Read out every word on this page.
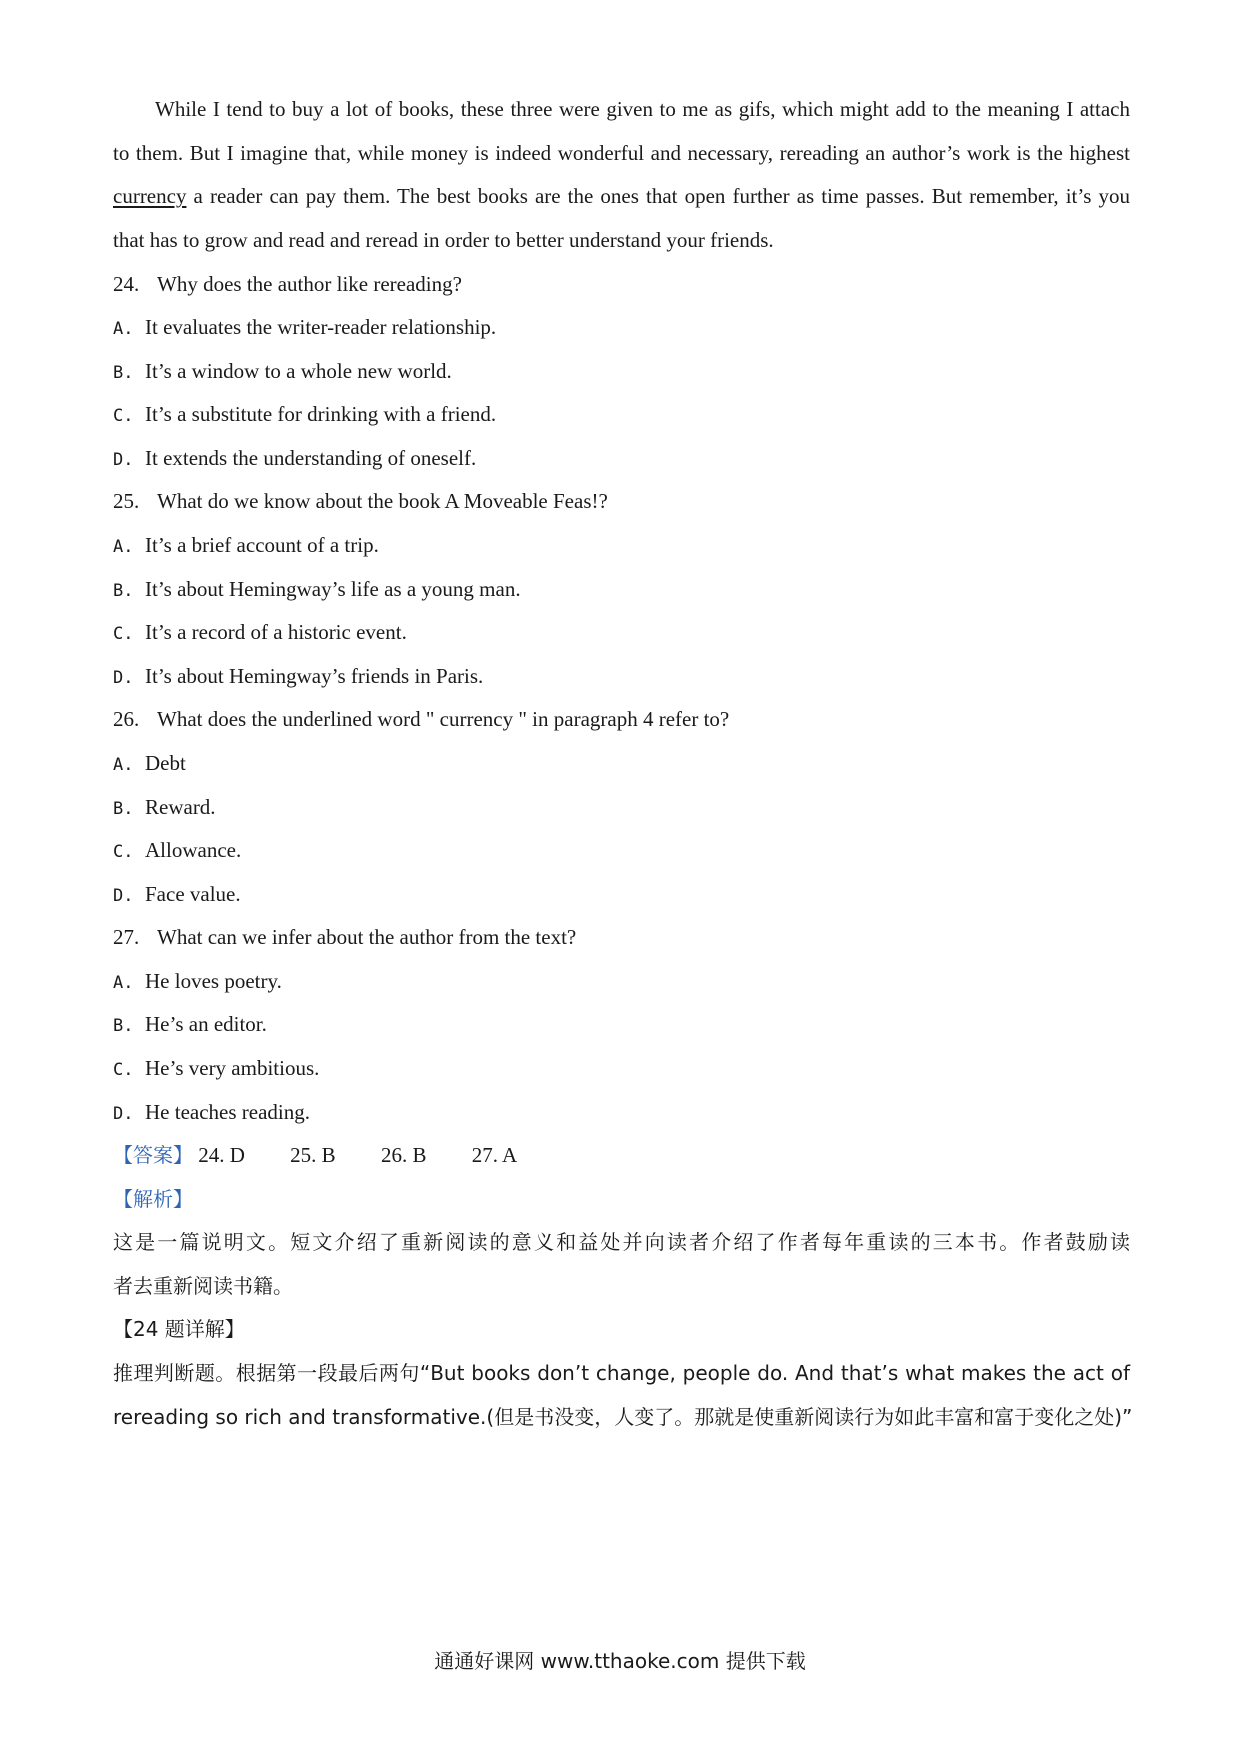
While I tend to buy a lot of books, these three were given to me as gifs, which might add to the meaning I attach
to them. But I imagine that, while money is indeed wonderful and necessary, rereading an author’s work is the highest
currency a reader can pay them. The best books are the ones that open further as time passes. But remember, it’s you
that has to grow and read and reread in order to better understand your friends.
24. Why does the author like rereading?
A. It evaluates the writer-reader relationship.
B. It’s a window to a whole new world.
C. It’s a substitute for drinking with a friend.
D. It extends the understanding of oneself.
25. What do we know about the book A Moveable Feas!?
A. It’s a brief account of a trip.
B. It’s about Hemingway’s life as a young man.
C. It’s a record of a historic event.
D. It’s about Hemingway’s friends in Paris.
26. What does the underlined word " currency " in paragraph 4 refer to?
A. Debt
B. Reward.
C. Allowance.
D. Face value.
27. What can we infer about the author from the text?
A. He loves poetry.
B. He’s an editor.
C. He’s very ambitious.
D. He teaches reading.
【答案】 24. D 25. B 26. B 27. A
【解析】
这是一篇说明文。短文介绍了重新阅读的意义和益处并向读者介绍了作者每年重读的三本书。作者鼓励读
者去重新阅读书籍。
【24 题详解】
推理判断题。根据第一段最后两句“But books don’t change, people do. And that’s what makes the act of
rereading so rich and transformative.(但是书没变，人变了。那就是使重新阅读行为如此丰富和富于变化之处)”
通通好课网 www.tthaoke.com 提供下载
